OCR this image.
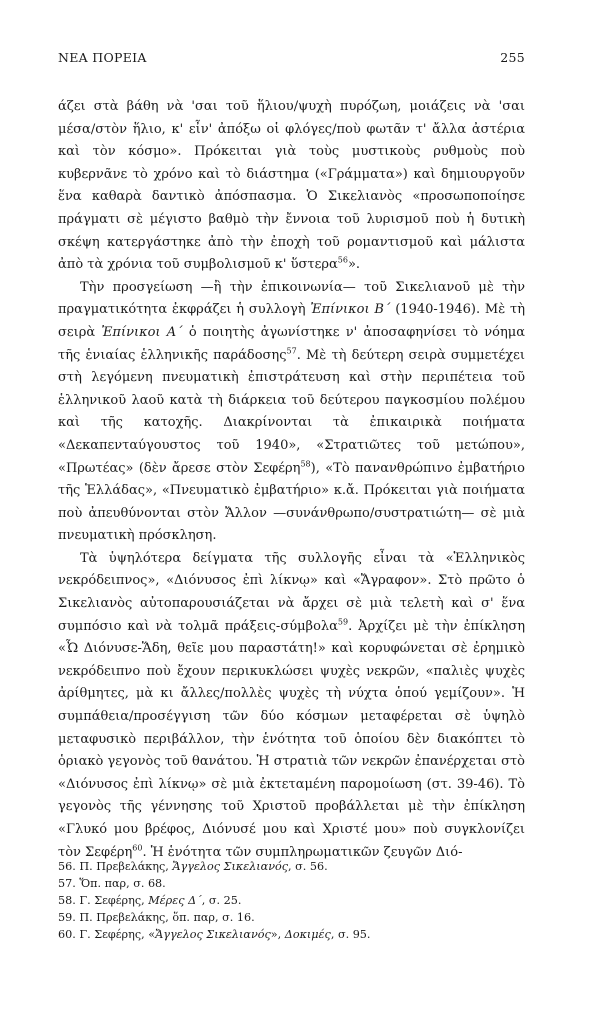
ΝΕΑ ΠΟΡΕΙΑ	255

άζει στὰ βάθη νὰ 'σαι τοῦ ἥλιου/ψυχὴ πυρόζωη, μοιάζεις νὰ 'σαι μέσα/στὸν ἥλιο, κ' εἶν' ἀπόξω οἱ φλόγες/ποὺ φωτᾶν τ' ἄλλα ἀστέρια καὶ τὸν κόσμο». Πρόκειται γιὰ τοὺς μυστικοὺς ρυθμοὺς ποὺ κυβερνᾶνε τὸ χρόνο καὶ τὸ διάστημα («Γράμματα») καὶ δημιουργοῦν ἕνα καθαρὰ δαντικὸ ἀπόσπασμα. Ὁ Σικελιανὸς «προσωποποίησε πράγματι σὲ μέγιστο βαθμὸ τὴν ἔννοια τοῦ λυρισμοῦ ποὺ ἡ δυτικὴ σκέψη κατεργάστηκε ἀπὸ τὴν ἐποχὴ τοῦ ρομαντισμοῦ καὶ μάλιστα ἀπὸ τὰ χρόνια τοῦ συμβολισμοῦ κ' ὕστερα$^{56}$».

Τὴν προσγείωση —ἢ τὴν ἐπικοινωνία— τοῦ Σικελιανοῦ μὲ τὴν πραγματικότητα ἐκφράζει ἡ συλλογὴ Ἐπίνικοι Β΄ (1940-1946). Μὲ τὴ σειρὰ Ἐπίνικοι Α΄ ὁ ποιητὴς ἀγωνίστηκε ν' ἀποσαφηνίσει τὸ νόημα τῆς ἑνιαίας ἑλληνικῆς παράδοσης$^{57}$. Μὲ τὴ δεύτερη σειρὰ συμμετέχει στὴ λεγόμενη πνευματικὴ ἐπιστράτευση καὶ στὴν περιπέτεια τοῦ ἑλληνικοῦ λαοῦ κατὰ τὴ διάρκεια τοῦ δεύτερου παγκοσμίου πολέμου καὶ τῆς κατοχῆς. Διακρίνονται τὰ ἐπικαιρικὰ ποιήματα «Δεκαπενταύγουστος τοῦ 1940», «Στρατιῶτες τοῦ μετώπου», «Πρωτέας» (δὲν ἄρεσε στὸν Σεφέρη$^{58}$), «Τὸ πανανθρώπινο ἐμβατήριο τῆς Ἑλλάδας», «Πνευματικὸ ἐμβατήριο» κ.ἄ. Πρόκειται γιὰ ποιήματα ποὺ ἀπευθύνονται στὸν Ἄλλον —συνάνθρωπο/συστρατιώτη— σὲ μιὰ πνευματικὴ πρόσκληση.

Τὰ ὑψηλότερα δείγματα τῆς συλλογῆς εἶναι τὰ «Ἑλληνικὸς νεκρόδειπνος», «Διόνυσος ἐπὶ λίκνῳ» καὶ «Ἄγραφον». Στὸ πρῶτο ὁ Σικελιανὸς αὐτοπαρουσιάζεται νὰ ἄρχει σὲ μιὰ τελετὴ καὶ σ' ἕνα συμπόσιο καὶ νὰ τολμᾶ πράξεις-σύμβολα$^{59}$. Ἀρχίζει μὲ τὴν ἐπίκληση «Ὦ Διόνυσε-Ἅδη, θεῖε μου παραστάτη!» καὶ κορυφώνεται σὲ ἐρημικὸ νεκρόδειπνο ποὺ ἔχουν περικυκλώσει ψυχὲς νεκρῶν, «παλιὲς ψυχὲς ἀρίθμητες, μὰ κι ἄλλες/πολλὲς ψυχὲς τὴ νύχτα ὁπού γεμίζουν». Ἡ συμπάθεια/προσέγγιση τῶν δύο κόσμων μεταφέρεται σὲ ὑψηλὸ μεταφυσικὸ περιβάλλον, τὴν ἑνότητα τοῦ ὁποίου δὲν διακόπτει τὸ ὁριακὸ γεγονὸς τοῦ θανάτου. Ἡ στρατιὰ τῶν νεκρῶν ἐπανέρχεται στὸ «Διόνυσος ἐπὶ λίκνῳ» σὲ μιὰ ἐκτεταμένη παρομοίωση (στ. 39-46). Τὸ γεγονὸς τῆς γέννησης τοῦ Χριστοῦ προβάλλεται μὲ τὴν ἐπίκληση «Γλυκό μου βρέφος, Διόνυσέ μου καὶ Χριστέ μου» ποὺ συγκλονίζει τὸν Σεφέρη$^{60}$. Ἡ ἑνότητα τῶν συμπληρωματικῶν ζευγῶν Διό-

56. Π. Πρεβελάκης, Ἄγγελος Σικελιανός, σ. 56.
57. Ὅπ. παρ, σ. 68.
58. Γ. Σεφέρης, Μέρες Δ΄, σ. 25.
59. Π. Πρεβελάκης, ὅπ. παρ, σ. 16.
60. Γ. Σεφέρης, «Ἄγγελος Σικελιανός», Δοκιμές, σ. 95.
